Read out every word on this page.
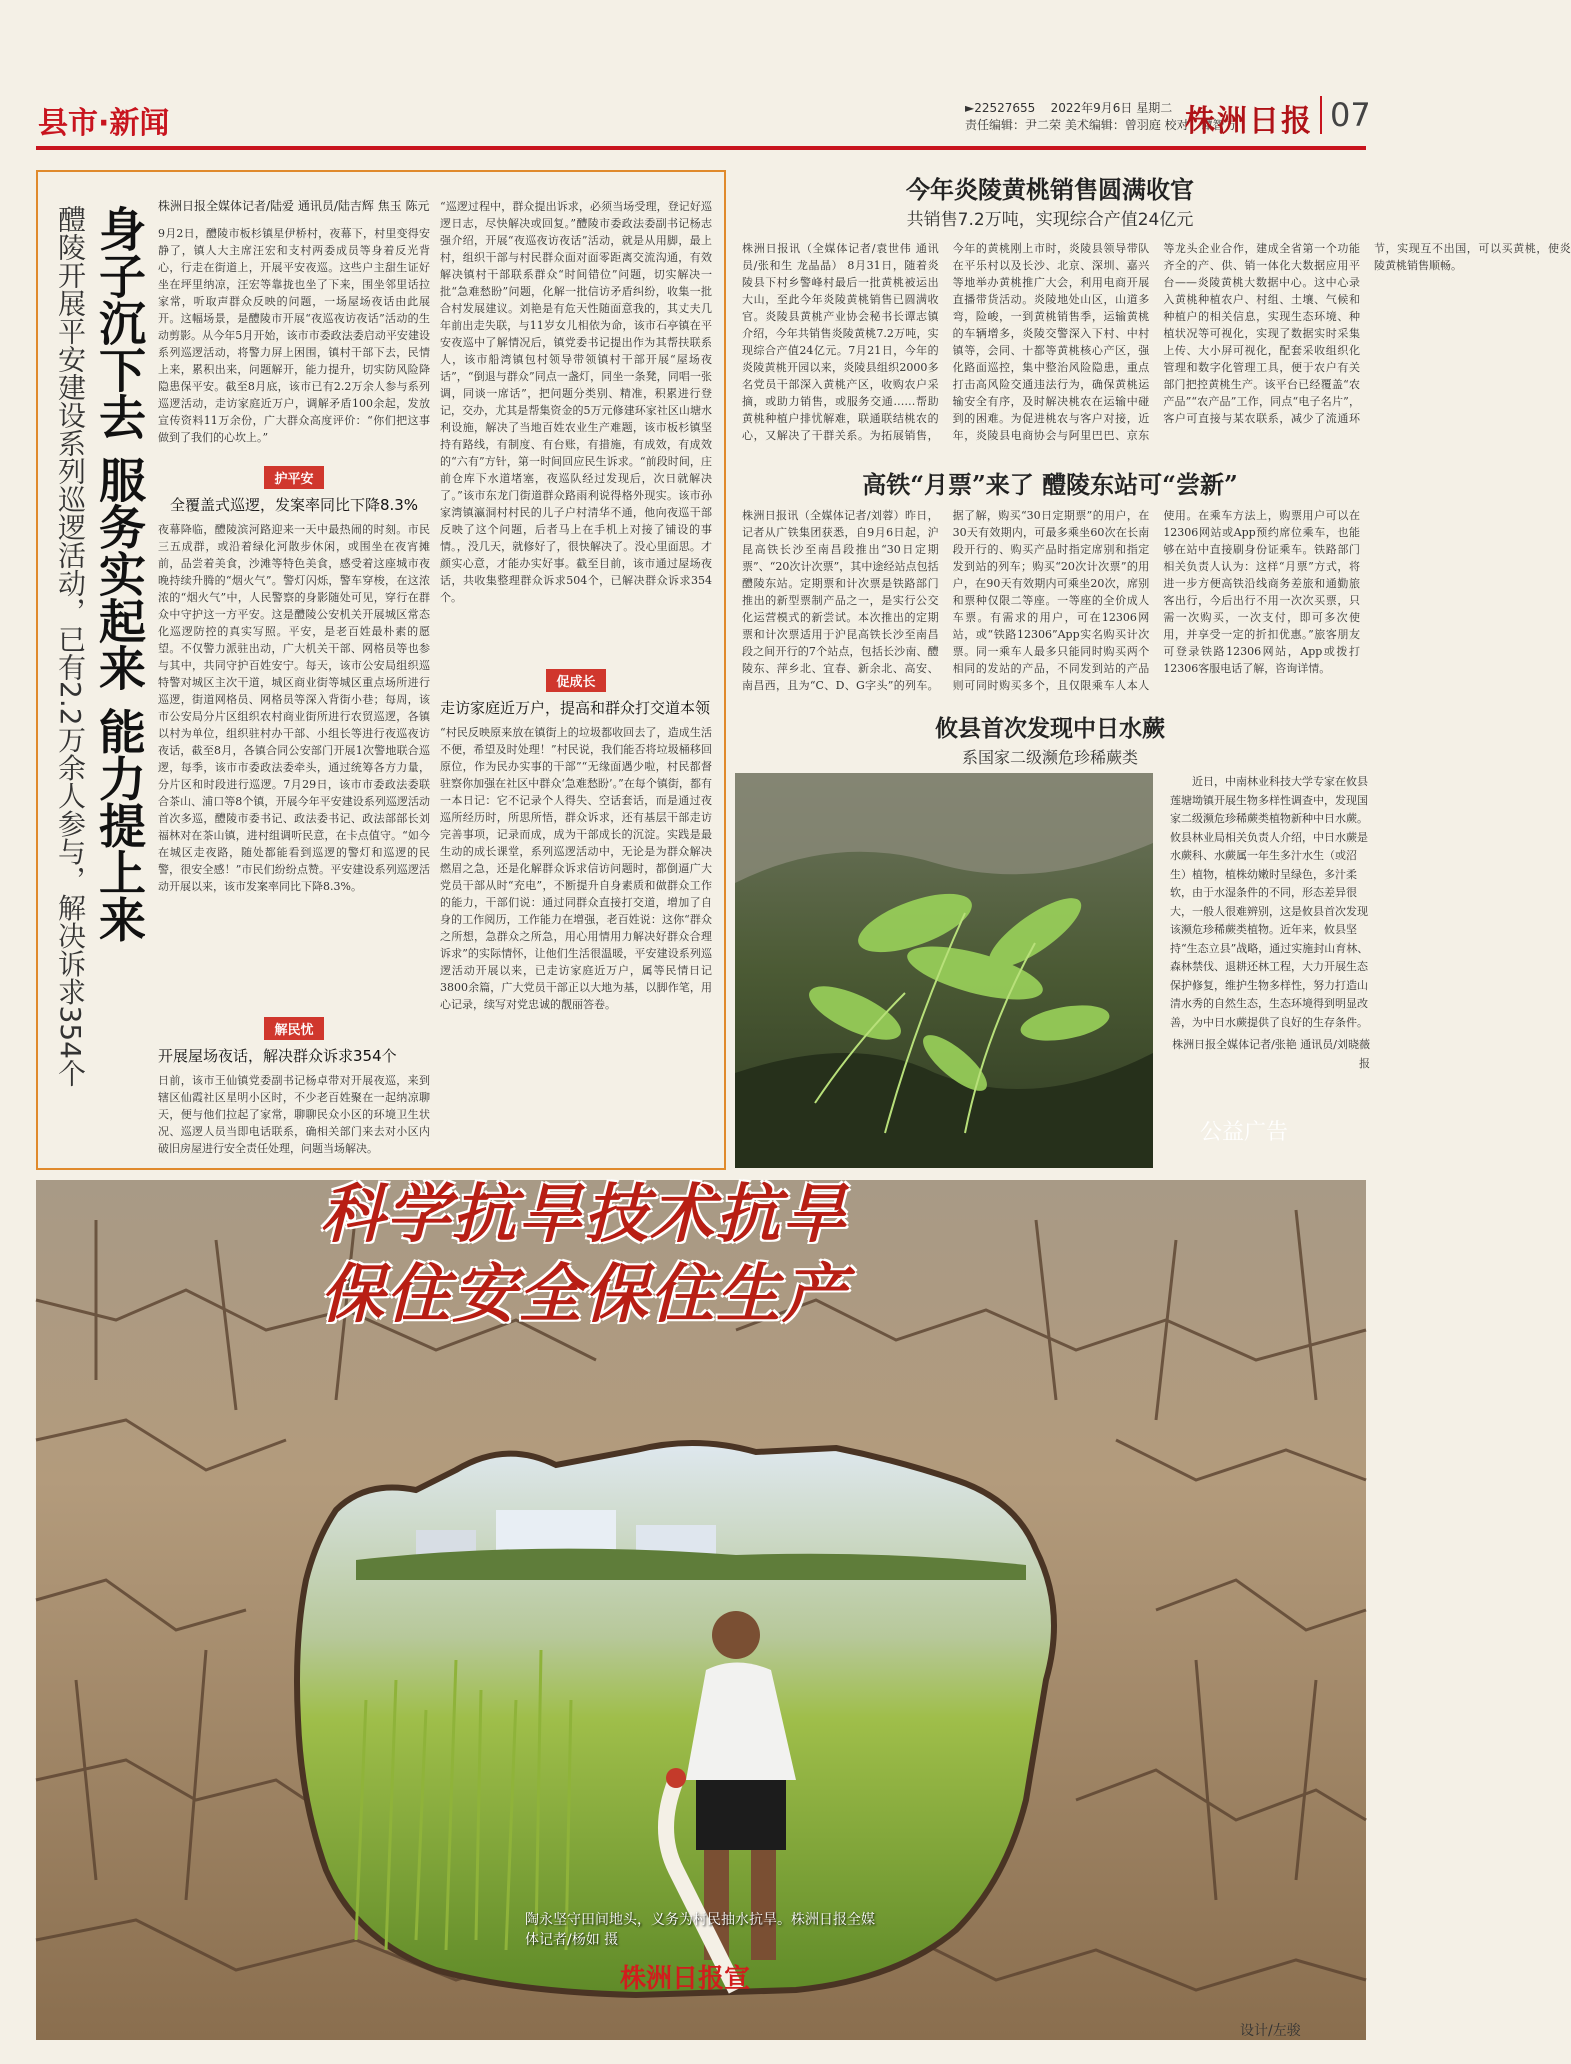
县市·新闻	►22527655 2022年9月6日 星期二
责任编辑：尹二荣 美术编辑：曾羽庭 校对：谭智方
株洲日报 07
身子沉下去 服务实起来 能力提上来
醴陵开展平安建设系列巡逻活动，已有2.2万余人参与，解决诉求354个	株洲日报全媒体记者/陆爱 通讯员/陆吉辉 焦玉 陈元
9月2日，醴陵市板杉镇星伊桥村，夜幕下，村里变得安静了，镇人大主席汪宏和支村两委成员等身着反光背心，行走在街道上，开展平安夜巡。这些户主甜生证好坐在坪里纳凉，汪宏等靠拢也坐了下来，围坐邻里话拉家常，听取声群众反映的问题，一场屋场夜话由此展开。这幅场景，是醴陵市开展“夜巡夜访夜话”活动的生动剪影。从今年5月开始，该市市委政法委启动平安建设系列巡逻活动，将警力屏上困围，镇村干部下去，民情上来，累积出来，问题解开，能力提升，切实防风险降隐患保平安。截至8月底，该市已有2.2万余人参与系列巡逻活动，走访家庭近万户，调解矛盾100余起，发放宣传资料11万余份，广大群众高度评价：“你们把这事做到了我们的心坎上。”
护平安
全覆盖式巡逻，发案率同比下降8.3%
夜幕降临，醴陵滨河路迎来一天中最热闹的时刻。市民三五成群，或沿着绿化河散步休闲，或围坐在夜宵摊前，品尝着美食，沙滩等特色美食，感受着这座城市夜晚持续升腾的“烟火气”。警灯闪烁，警车穿梭，在这浓浓的“烟火气”中，人民警察的身影随处可见，穿行在群众中守护这一方平安。这是醴陵公安机关开展城区常态化巡逻防控的真实写照。平安，是老百姓最朴素的愿望。不仅警力派驻出动，广大机关干部、网格员等也参与其中，共同守护百姓安宁。每天，该市公安局组织巡特警对城区主次干道，城区商业街等城区重点场所进行巡逻，街道网格员、网格员等深入背街小巷；每周，该市公安局分片区组织农村商业街所进行农贸巡逻，各镇以村为单位，组织驻村办干部、小组长等进行夜巡夜访夜话，截至8月，各镇合同公安部门开展1次警地联合巡逻，每季，该市市委政法委牵头，通过统筹各方力量，分片区和时段进行巡逻。7月29日，该市市委政法委联合茶山、浦口等8个镇，开展今年平安建设系列巡逻活动首次多巡，醴陵市委书记、政法委书记、政法部部长刘福林对在茶山镇，进村组调听民意，在卡点值守。“如今在城区走夜路，随处都能看到巡逻的警灯和巡逻的民警，很安全感！”市民们纷纷点赞。平安建设系列巡逻活动开展以来，该市发案率同比下降8.3%。
解民忧
开展屋场夜话，解决群众诉求354个
日前，该市王仙镇党委副书记杨卓带对开展夜巡，来到辖区仙霞社区星明小区时，不少老百姓聚在一起纳凉聊天，便与他们拉起了家常，聊聊民众小区的环境卫生状况、巡逻人员当即电话联系，确相关部门来去对小区内破旧房屋进行安全责任处理，问题当场解决。
“巡逻过程中，群众提出诉求，必须当场受理，登记好巡逻日志，尽快解决或回复。”醴陵市委政法委副书记杨志强介绍，开展“夜巡夜访夜话”活动，就是从用脚，最上村，组织干部与村民群众面对面零距离交流沟通，有效解决镇村干部联系群众“时间错位”问题，切实解决一批“急难愁盼”问题，化解一批信访矛盾纠纷，收集一批合村发展建议。刘艳是有危天性随面意我的，其丈夫几年前出走失联，与11岁女儿相依为命，该市石亭镇在平安夜巡中了解情况后，镇党委书记提出作为其帮扶联系人，该市船湾镇包村领导带领镇村干部开展“屋场夜话”，“倒退与群众”同点一盏灯，同坐一条凳，同唱一张调，同谈一席话”，把问题分类别、精准，积累进行登记，交办，尤其是帮集资金的5万元修建环家社区山塘水利设施，解决了当地百姓农业生产难题，该市板杉镇坚持有路线，有制度、有台账，有措施，有成效，有成效的“六有”方针，第一时间回应民生诉求。“前段时间，庄前仓库下水道堵塞，夜巡队经过发现后，次日就解决了。”该市东龙门街道群众路雨利说得格外现实。该市孙家湾镇瀛洞村村民的儿子户村清华不通，他向夜巡干部反映了这个问题，后者马上在手机上对接了铺设的事情。，没几天，就修好了，很快解决了。没心里面思。才颜实心意，才能办实好事。截至目前，该市通过屋场夜话，共收集整理群众诉求504个，已解决群众诉求354个。
促成长
走访家庭近万户，提高和群众打交道本领
“村民反映原来放在镇街上的垃圾都收回去了，造成生活不便，希望及时处理！”村民说，我们能否将垃圾桶移回原位，作为民办实事的干部”“无缘面遇少啦，村民都督驻察你加强在社区中群众‘急难愁盼’。”在每个镇街，都有一本日记：它不记录个人得失、空话套话，而是通过夜巡所经历时，所思所悟，群众诉求，还有基层干部走访完善事项，记录而成，成为干部成长的沉淀。实践是最生动的成长课堂，系列巡逻活动中，无论是为群众解决燃眉之急，还是化解群众诉求信访问题时，都倒逼广大党员干部从时“充电”，不断提升自身素质和做群众工作的能力，干部们说：通过同群众直接打交道，增加了自身的工作阅历，工作能力在增强，老百姓说：这你“群众之所想，急群众之所急，用心用情用力解决好群众合理诉求”的实际情怀，让他们生活很温暖，平安建设系列巡逻活动开展以来，已走访家庭近万户，属等民情日记 3800余篇，广大党员干部正以大地为基，以脚作笔，用心记录，续写对党忠诚的靓丽答卷。
今年炎陵黄桃销售圆满收官
共销售7.2万吨，实现综合产值24亿元
株洲日报讯（全媒体记者/袁世伟 通讯员/张和生 龙晶晶） 8月31日，随着炎陵县下村乡警峰村最后一批黄桃被运出大山，至此今年炎陵黄桃销售已圆满收官。炎陵县黄桃产业协会秘书长谭志镇介绍，今年共销售炎陵黄桃7.2万吨，实现综合产值24亿元。7月21日，今年的炎陵黄桃开园以来，炎陵县组织2000多名党员干部深入黄桃产区，收购农户采摘，或助力销售，或服务交通……帮助黄桃种植户排忧解难，联通联结桃农的心，又解决了干群关系。为拓展销售，今年的黄桃刚上市时，炎陵县领导带队在平乐村以及长沙、北京、深圳、嘉兴等地举办黄桃推广大会，利用电商开展直播带货活动。炎陵地处山区，山道多弯，险峻，一到黄桃销售季，运输黄桃的车辆增多，炎陵交警深入下村、中村镇等，会同、十都等黄桃核心产区，强化路面巡控，集中整治风险隐患，重点打击高风险交通违法行为，确保黄桃运输安全有序，及时解决桃农在运输中碰到的困难。为促进桃农与客户对接，近年，炎陵县电商协会与阿里巴巴、京东等龙头企业合作，建成全省第一个功能齐全的产、供、销一体化大数据应用平台——炎陵黄桃大数据中心。这中心录入黄桃种植农户、村组、土壤、气候和种植户的相关信息，实现生态环境、种植状况等可视化，实现了数据实时采集上传、大小屏可视化，配套采收组织化管理和数字化管理工具，便于农户有关部门把控黄桃生产。该平台已经覆盖“农产品”“农产品”工作，同点“电子名片”，客户可直接与某农联系，减少了流通环节，实现互不出国，可以买黄桃，使炎陵黄桃销售顺畅。
高铁“月票”来了 醴陵东站可“尝新”
株洲日报讯（全媒体记者/刘蓉）昨日，记者从广铁集团获悉，自9月6日起，沪昆高铁长沙至南昌段推出“30日定期票”、“20次计次票”，其中途经站点包括醴陵东站。定期票和计次票是铁路部门推出的新型票制产品之一，是实行公交化运营模式的新尝试。本次推出的定期票和计次票适用于沪昆高铁长沙至南昌段之间开行的7个站点，包括长沙南、醴陵东、萍乡北、宜春、新余北、高安、南昌西，且为“C、D、G字头”的列车。据了解，购买“30日定期票”的用户，在30天有效期内，可最多乘坐60次在长南段开行的、购买产品时指定席别和指定发到站的列车；购买“20次计次票”的用户，在90天有效期内可乘坐20次，席别和票种仅限二等座。一等座的全价成人车票。有需求的用户，可在12306网站，或“铁路12306”App实名购买计次票。同一乘车人最多只能同时购买两个相同的发站的产品，不同发到站的产品则可同时购买多个，且仅限乘车人本人使用。在乘车方法上，购票用户可以在12306网站或App预约席位乘车，也能够在站中直接刷身份证乘车。铁路部门相关负责人认为：这样“月票”方式，将进一步方便高铁沿线商务差旅和通勤旅客出行，今后出行不用一次次买票，只需一次购买，一次支付，即可多次使用，并享受一定的折扣优惠。”旅客朋友可登录铁路12306网站，App或拨打12306客服电话了解，咨询详情。
攸县首次发现中日水蕨
系国家二级濒危珍稀蕨类
近日，中南林业科技大学专家在攸县莲塘坳镇开展生物多样性调查中，发现国家二级濒危珍稀蕨类植物新种中日水蕨。攸县林业局相关负责人介绍，中日水蕨是水蕨科、水蕨属一年生多汁水生（或沼生）植物，植株幼嫩时呈绿色，多汁柔软，由于水湿条件的不同，形态差异很大，一般人很难辨别，这是攸县首次发现该濒危珍稀蕨类植物。近年来，攸县坚持“生态立县”战略，通过实施封山育林、森林禁伐、退耕还林工程，大力开展生态保护修复，维护生物多样性，努力打造山清水秀的自然生态，生态环境得到明显改善，为中日水蕨提供了良好的生存条件。
株洲日报全媒体记者/张艳 通讯员/刘晓薇 报
公益广告
科学抗旱技术抗旱
保住安全保住生产
陶永坚守田间地头，义务为村民抽水抗旱。株洲日报全媒体记者/杨如 摄
株洲日报宣
设计/左骏
